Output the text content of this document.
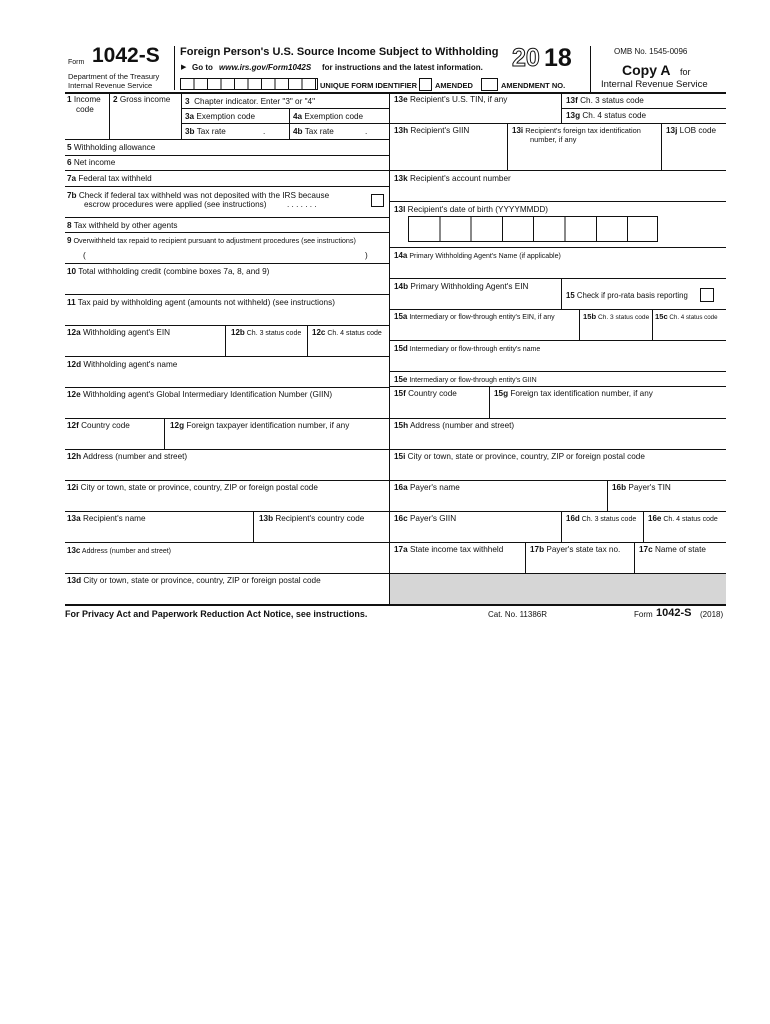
Form 1042-S
Department of the Treasury
Internal Revenue Service
Foreign Person's U.S. Source Income Subject to Withholding
▶ Go to www.irs.gov/Form1042S for instructions and the latest information. 20 18	OMB No. 1545-0096
Copy A for
Internal Revenue Service
UNIQUE FORM IDENTIFIER AMENDED	AMENDMENT NO.
1 Income
code
2 Gross income 3 Chapter indicator. Enter "3" or "4"
3a Exemption code	4a Exemption code
3b Tax rate	.	4b Tax rate	.
5 Withholding allowance
6 Net income
7a Federal tax withheld
7b Check if federal tax withheld was not deposited with the IRS because
escrow procedures were applied (see instructions)	. . . . . . .
8 Tax withheld by other agents
9 Overwithheld tax repaid to recipient pursuant to adjustment procedures (see instructions)
(	)
10 Total withholding credit (combine boxes 7a, 8, and 9)
11 Tax paid by withholding agent (amounts not withheld) (see instructions)
12a Withholding agent's EIN	12b Ch. 3 status code 12c Ch. 4 status code
12d Withholding agent's name
12e Withholding agent's Global Intermediary Identification Number (GIIN)
12f Country code	12g Foreign taxpayer identification number, if any
12h Address (number and street)
12i City or town, state or province, country, ZIP or foreign postal code
13a Recipient's name	13b Recipient's country code
13c Address (number and street)
13d City or town, state or province, country, ZIP or foreign postal code
13e Recipient's U.S. TIN, if any	13f Ch. 3 status code
13g Ch. 4 status code
13h Recipient's GIIN	13i Recipient's foreign tax identification
number, if any
13j LOB code
13k Recipient's account number
13l Recipient's date of birth (YYYYMMDD)
14a Primary Withholding Agent's Name (if applicable)
14b Primary Withholding Agent's EIN
15 Check if pro-rata basis reporting
15a Intermediary or flow-through entity's EIN, if any	15b Ch. 3 status code 15c Ch. 4 status code
15d Intermediary or flow-through entity's name
15e Intermediary or flow-through entity's GIIN
15f Country code	15g Foreign tax identification number, if any
15h Address (number and street)
15i City or town, state or province, country, ZIP or foreign postal code
16a Payer's name	16b Payer's TIN
16c Payer's GIIN	16d Ch. 3 status code 16e Ch. 4 status code
17a State income tax withheld	17b Payer's state tax no. 17c Name of state
For Privacy Act and Paperwork Reduction Act Notice, see instructions.	Cat. No. 11386R	Form 1042-S (2018)
